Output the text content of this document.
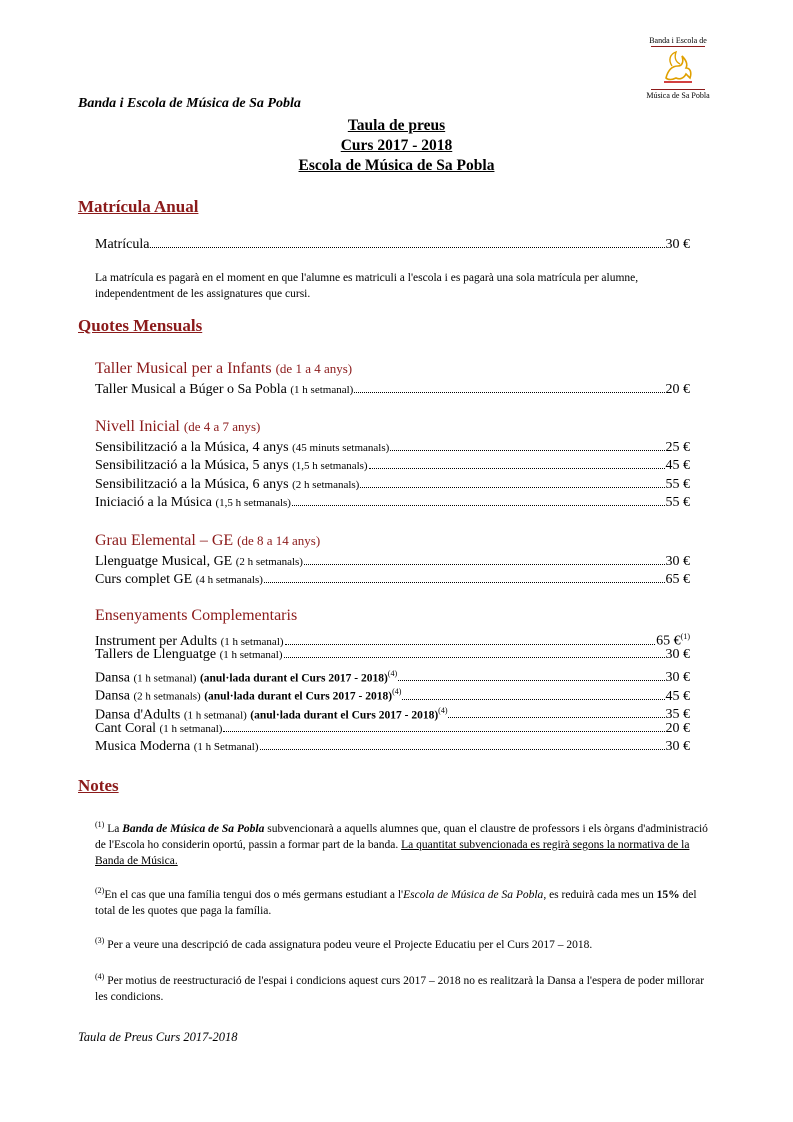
Banda i Escola de
Música de Sa Pobla
Banda i Escola de Música de Sa Pobla
Taula de preus
Curs 2017 - 2018
Escola de Música de Sa Pobla
Matrícula Anual
Matrícula	30 €
La matrícula es pagarà en el moment en que l'alumne es matriculi a l'escola i es pagarà una sola matrícula per alumne, independentment de les assignatures que cursi.
Quotes Mensuals
Taller Musical per a Infants (de 1 a 4 anys)
Taller Musical a Búger o Sa Pobla (1 h setmanal)	20 €
Nivell Inicial (de 4 a 7 anys)
Sensibilització a la Música, 4 anys (45 minuts setmanals)	25 €
Sensibilització a la Música, 5 anys (1,5 h setmanals)	45 €
Sensibilització a la Música, 6 anys (2 h setmanals)	55 €
Iniciació a la Música (1,5 h setmanals)	55 €
Grau Elemental – GE (de 8 a 14 anys)
Llenguatge Musical, GE (2 h setmanals)	30 €
Curs complet GE (4 h setmanals)	65 €
Ensenyaments Complementaris
Instrument per Adults (1 h setmanal)	65 €$^{(1)}$
Tallers de Llenguatge (1 h setmanal)	30 €
Dansa (1 h setmanal) (anul·lada durant el Curs 2017 - 2018)$^{(4)}$	30 €
Dansa (2 h setmanals) (anul·lada durant el Curs 2017 - 2018)$^{(4)}$	45 €
Dansa d'Adults (1 h setmanal) (anul·lada durant el Curs 2017 - 2018)$^{(4)}$	35 €
Cant Coral (1 h setmanal)	20 €
Musica Moderna (1 h Setmanal)	30 €
Notes
$^{(1)}$ La Banda de Música de Sa Pobla subvencionarà a aquells alumnes que, quan el claustre de professors i els òrgans d'administració de l'Escola ho considerin oportú, passin a formar part de la banda. La quantitat subvencionada es regirà segons la normativa de la Banda de Música.
$^{(2)}$En el cas que una família tengui dos o més germans estudiant a l'Escola de Música de Sa Pobla, es reduirà cada mes un 15% del total de les quotes que paga la família.
$^{(3)}$ Per a veure una descripció de cada assignatura podeu veure el Projecte Educatiu per el Curs 2017 – 2018.
$^{(4)}$ Per motius de reestructuració de l'espai i condicions aquest curs 2017 – 2018 no es realitzarà la Dansa a l'espera de poder millorar les condicions.
Taula de Preus Curs 2017-2018
